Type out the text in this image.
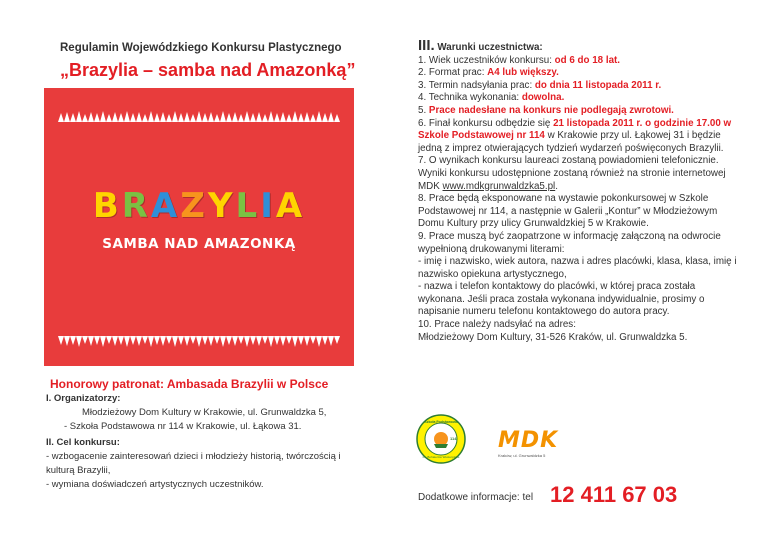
Regulamin Wojewódzkiego Konkursu Plastycznego
„Brazylia – samba nad Amazonką”
BRAZYLIA
SAMBA NAD AMAZONKĄ
Honorowy patronat: Ambasada Brazylii w Polsce
I. Organizatorzy:
Młodzieżowy Dom Kultury w Krakowie, ul. Grunwaldzka 5,
- Szkoła Podstawowa nr 114 w Krakowie, ul. Łąkowa 31.
II. Cel konkursu:
- wzbogacenie zainteresowań dzieci i młodzieży historią, twórczością i
kulturą Brazylii,
- wymiana doświadczeń artystycznych uczestników.

III. Warunki uczestnictwa:

1. Wiek uczestników konkursu: od 6 do 18 lat.

2. Format prac: A4 lub większy.

3. Termin nadsyłania prac: do dnia 11 listopada 2011 r.

4. Technika wykonania: dowolna.

5. Prace nadesłane na konkurs nie podlegają zwrotowi.

6. Finał konkursu odbędzie się 21 listopada 2011 r. o godzinie 17.00 w Szkole Podstawowej nr 114 w Krakowie przy ul. Łąkowej 31 i będzie jedną z imprez otwierających tydzień wydarzeń poświęconych Brazylii.

7. O wynikach konkursu laureaci zostaną powiadomieni telefonicznie. Wyniki konkursu udostępnione zostaną również na stronie internetowej MDK www.mdkgrunwaldzka5.pl.

8. Prace będą eksponowane na wystawie pokonkursowej w Szkole Podstawowej nr 114, a następnie w Galerii „Kontur” w Młodzieżowym Domu Kultury przy ulicy Grunwaldzkiej 5 w Krakowie.

9. Prace muszą być zaopatrzone w informację załączoną na odwrocie wypełnioną drukowanymi literami:

- imię i nazwisko, wiek autora, nazwa i adres placówki, klasa, klasa, imię i nazwisko opiekuna artystycznego,

- nazwa i telefon kontaktowy do placówki, w której praca została wykonana. Jeśli praca została wykonana indywidualnie, prosimy o napisanie numeru telefonu kontaktowego do autora pracy.

10. Prace należy nadsyłać na adres:

Młodzieżowy Dom Kultury, 31-526 Kraków, ul. Grunwaldzka 5.

Szkoła Podstawowa
114
im. Bohaterów Westerplatte
MDK
Kraków, ul. Grunwaldzka 5
Dodatkowe informacje: tel 12 411 67 03
